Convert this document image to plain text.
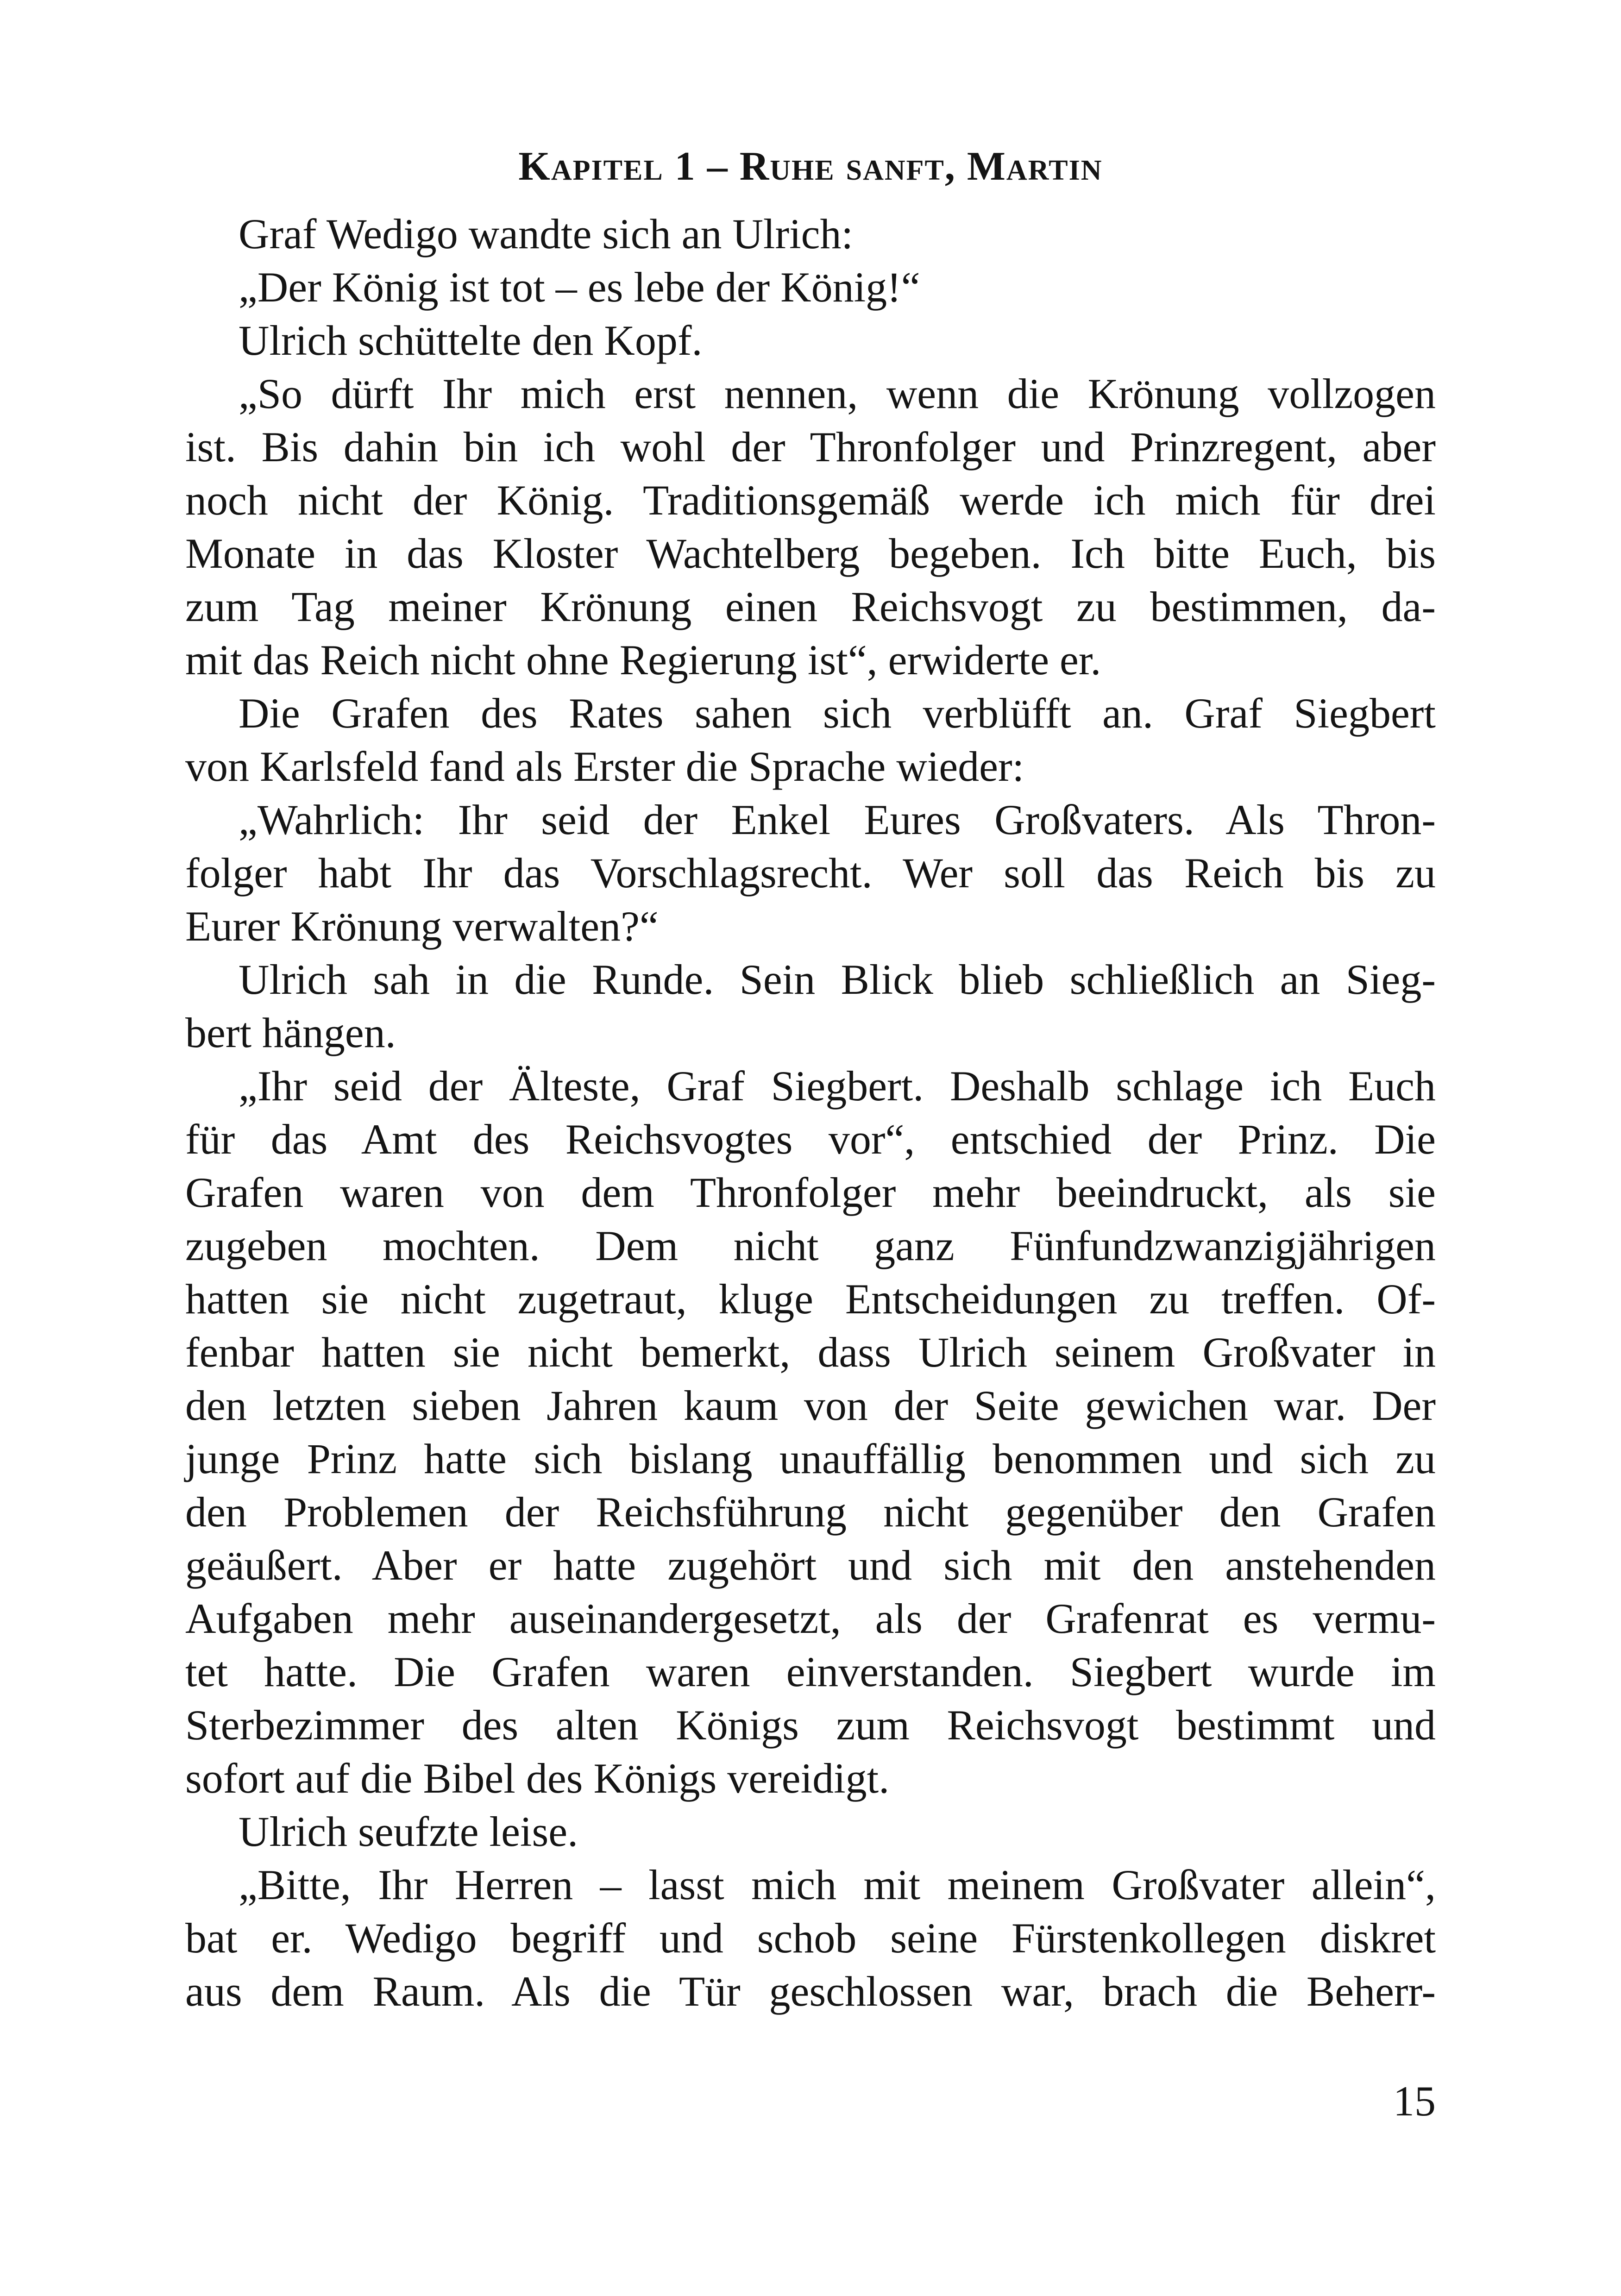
Kapitel 1 – Ruhe sanft, Martin
Graf Wedigo wandte sich an Ulrich:
„Der König ist tot – es lebe der König!“
Ulrich schüttelte den Kopf.
„So dürft Ihr mich erst nennen, wenn die Krönung vollzogen
ist. Bis dahin bin ich wohl der Thronfolger und Prinzregent, aber
noch nicht der König. Traditionsgemäß werde ich mich für drei
Monate in das Kloster Wachtelberg begeben. Ich bitte Euch, bis
zum Tag meiner Krönung einen Reichsvogt zu bestimmen, da-
mit das Reich nicht ohne Regierung ist“, erwiderte er.
Die Grafen des Rates sahen sich verblüfft an. Graf Siegbert
von Karlsfeld fand als Erster die Sprache wieder:
„Wahrlich: Ihr seid der Enkel Eures Großvaters. Als Thron-
folger habt Ihr das Vorschlagsrecht. Wer soll das Reich bis zu
Eurer Krönung verwalten?“
Ulrich sah in die Runde. Sein Blick blieb schließlich an Sieg-
bert hängen.
„Ihr seid der Älteste, Graf Siegbert. Deshalb schlage ich Euch
für das Amt des Reichsvogtes vor“, entschied der Prinz. Die
Grafen waren von dem Thronfolger mehr beeindruckt, als sie
zugeben mochten. Dem nicht ganz Fünfundzwanzigjährigen
hatten sie nicht zugetraut, kluge Entscheidungen zu treffen. Of-
fenbar hatten sie nicht bemerkt, dass Ulrich seinem Großvater in
den letzten sieben Jahren kaum von der Seite gewichen war. Der
junge Prinz hatte sich bislang unauffällig benommen und sich zu
den Problemen der Reichsführung nicht gegenüber den Grafen
geäußert. Aber er hatte zugehört und sich mit den anstehenden
Aufgaben mehr auseinandergesetzt, als der Grafenrat es vermu-
tet hatte. Die Grafen waren einverstanden. Siegbert wurde im
Sterbezimmer des alten Königs zum Reichsvogt bestimmt und
sofort auf die Bibel des Königs vereidigt.
Ulrich seufzte leise.
„Bitte, Ihr Herren – lasst mich mit meinem Großvater allein“,
bat er. Wedigo begriff und schob seine Fürstenkollegen diskret
aus dem Raum. Als die Tür geschlossen war, brach die Beherr-
15
